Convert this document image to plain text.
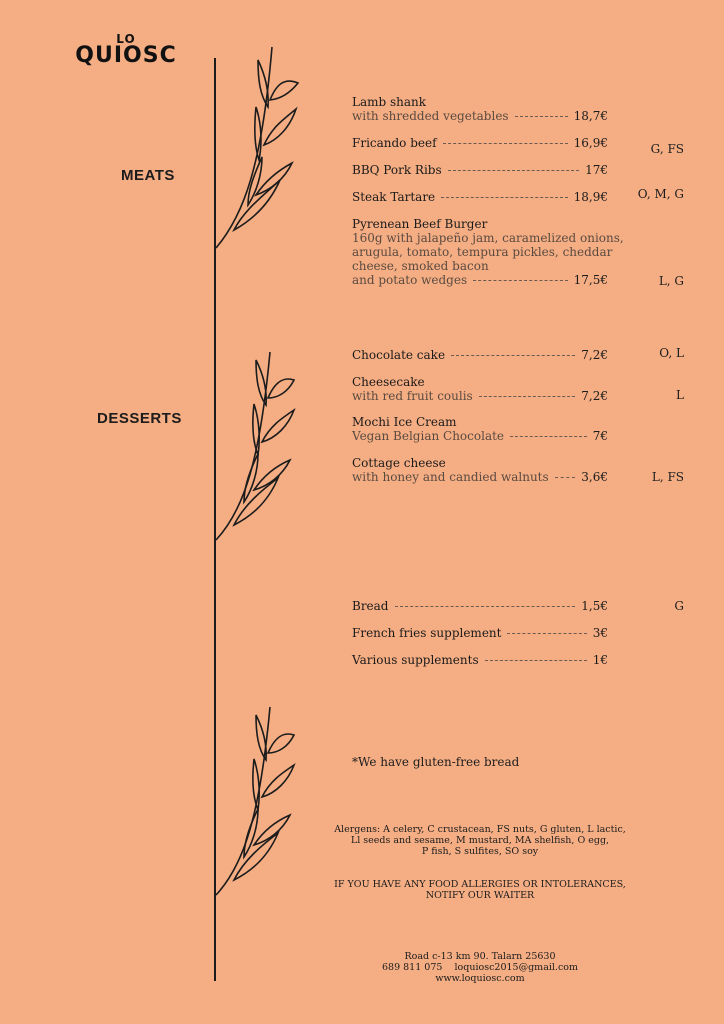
LO
QUIOSC
MEATS
DESSERTS
Lamb shank
with shredded vegetables	18,7€
Fricando beef	16,9€	G, FS
BBQ Pork Ribs	17€
Steak Tartare	18,9€	O, M, G
Pyrenean Beef Burger
160g with jalapeño jam, caramelized onions,
arugula, tomato, tempura pickles, cheddar
cheese, smoked bacon
and potato wedges	17,5€	L, G
Chocolate cake	7,2€	O, L
Cheesecake
with red fruit coulis	7,2€	L
Mochi Ice Cream
Vegan Belgian Chocolate	7€
Cottage cheese
with honey and candied walnuts	3,6€	L, FS
Bread	1,5€	G
French fries supplement	3€
Various supplements	1€
*We have gluten-free bread
Alergens: A celery, C crustacean, FS nuts, G gluten, L lactic,
Ll seeds and sesame, M mustard, MA shelfish, O egg,
P fish, S sulfites, SO soy
IF YOU HAVE ANY FOOD ALLERGIES OR INTOLERANCES,
NOTIFY OUR WAITER
Road c-13 km 90. Talarn 25630
689 811 075 loquiosc2015@gmail.com
www.loquiosc.com
